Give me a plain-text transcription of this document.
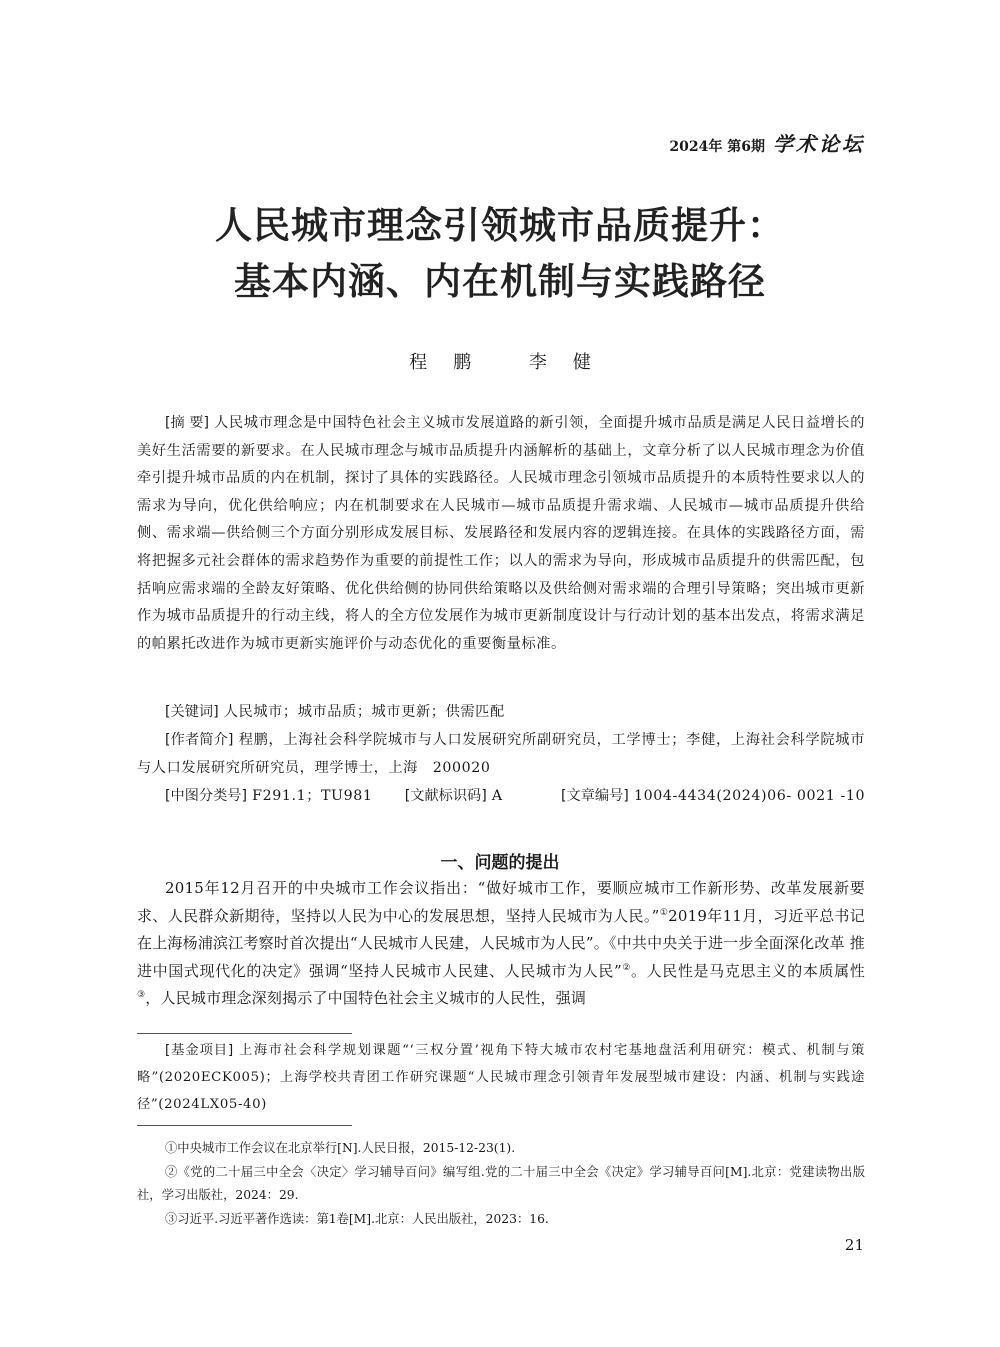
2024年 第6期 学术论坛
人民城市理念引领城市品质提升：
基本内涵、内在机制与实践路径
程鹏 李健
[摘 要] 人民城市理念是中国特色社会主义城市发展道路的新引领，全面提升城市品质是满足人民日益增长的美好生活需要的新要求。在人民城市理念与城市品质提升内涵解析的基础上，文章分析了以人民城市理念为价值牵引提升城市品质的内在机制，探讨了具体的实践路径。人民城市理念引领城市品质提升的本质特性要求以人的需求为导向，优化供给响应；内在机制要求在人民城市—城市品质提升需求端、人民城市—城市品质提升供给侧、需求端—供给侧三个方面分别形成发展目标、发展路径和发展内容的逻辑连接。在具体的实践路径方面，需将把握多元社会群体的需求趋势作为重要的前提性工作；以人的需求为导向，形成城市品质提升的供需匹配，包括响应需求端的全龄友好策略、优化供给侧的协同供给策略以及供给侧对需求端的合理引导策略；突出城市更新作为城市品质提升的行动主线，将人的全方位发展作为城市更新制度设计与行动计划的基本出发点，将需求满足的帕累托改进作为城市更新实施评价与动态优化的重要衡量标准。
[关键词] 人民城市；城市品质；城市更新；供需匹配
[作者简介] 程鹏，上海社会科学院城市与人口发展研究所副研究员，工学博士；李健，上海社会科学院城市与人口发展研究所研究员，理学博士，上海　200020
[中图分类号] F291.1；TU981 [文献标识码] A	[文章编号] 1004-4434(2024)06- 0021 -10
一、问题的提出
2015年12月召开的中央城市工作会议指出：“做好城市工作，要顺应城市工作新形势、改革发展新要求、人民群众新期待，坚持以人民为中心的发展思想，坚持人民城市为人民。”①2019年11月，习近平总书记在上海杨浦滨江考察时首次提出“人民城市人民建，人民城市为人民”。《中共中央关于进一步全面深化改革 推进中国式现代化的决定》强调“坚持人民城市人民建、人民城市为人民”②。人民性是马克思主义的本质属性③，人民城市理念深刻揭示了中国特色社会主义城市的人民性，强调
[基金项目] 上海市社会科学规划课题“‘三权分置’视角下特大城市农村宅基地盘活利用研究：模式、机制与策略”(2020ECK005)；上海学校共青团工作研究课题“人民城市理念引领青年发展型城市建设：内涵、机制与实践途径”(2024LX05-40)

①中央城市工作会议在北京举行[N].人民日报，2015-12-23(1).

②《党的二十届三中全会〈决定〉学习辅导百问》编写组.党的二十届三中全会《决定》学习辅导百问[M].北京：党建读物出版社，学习出版社，2024：29.

③习近平.习近平著作选读：第1卷[M].北京：人民出版社，2023：16.

21
